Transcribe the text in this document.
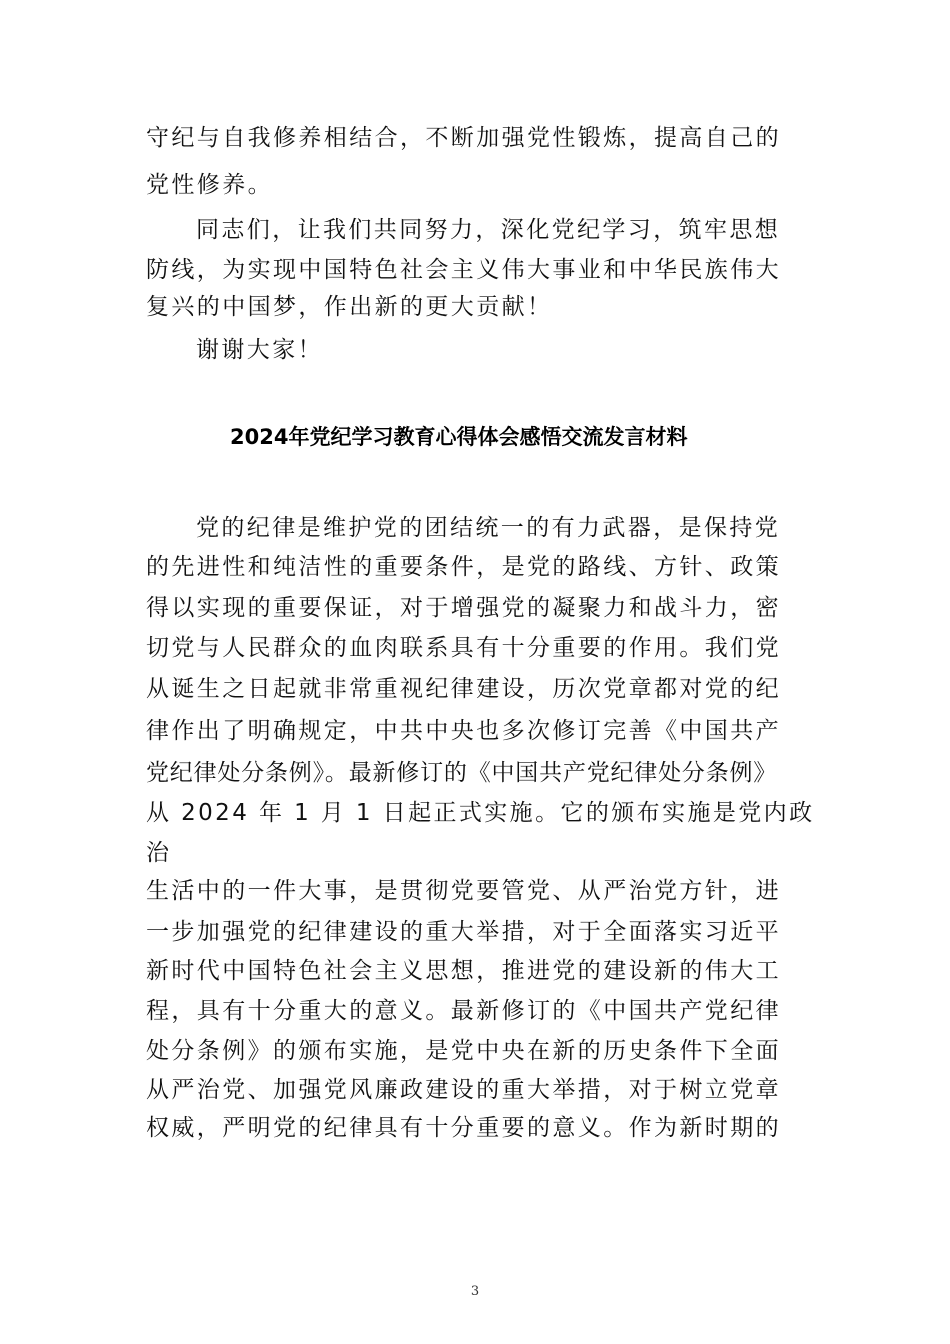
守纪与自我修养相结合，不断加强党性锻炼，提高自己的
党性修养。
同志们，让我们共同努力，深化党纪学习，筑牢思想
防线，为实现中国特色社会主义伟大事业和中华民族伟大
复兴的中国梦，作出新的更大贡献！
谢谢大家！
2024年党纪学习教育心得体会感悟交流发言材料
党的纪律是维护党的团结统一的有力武器，是保持党
的先进性和纯洁性的重要条件，是党的路线、方针、政策
得以实现的重要保证，对于增强党的凝聚力和战斗力，密
切党与人民群众的血肉联系具有十分重要的作用。我们党
从诞生之日起就非常重视纪律建设，历次党章都对党的纪
律作出了明确规定，中共中央也多次修订完善《中国共产
党纪律处分条例》。最新修订的《中国共产党纪律处分条例》
从 2024 年 1 月 1 日起正式实施。它的颁布实施是党内政
治
生活中的一件大事，是贯彻党要管党、从严治党方针，进
一步加强党的纪律建设的重大举措，对于全面落实习近平
新时代中国特色社会主义思想，推进党的建设新的伟大工
程，具有十分重大的意义。最新修订的《中国共产党纪律
处分条例》的颁布实施，是党中央在新的历史条件下全面
从严治党、加强党风廉政建设的重大举措，对于树立党章
权威，严明党的纪律具有十分重要的意义。作为新时期的
3
